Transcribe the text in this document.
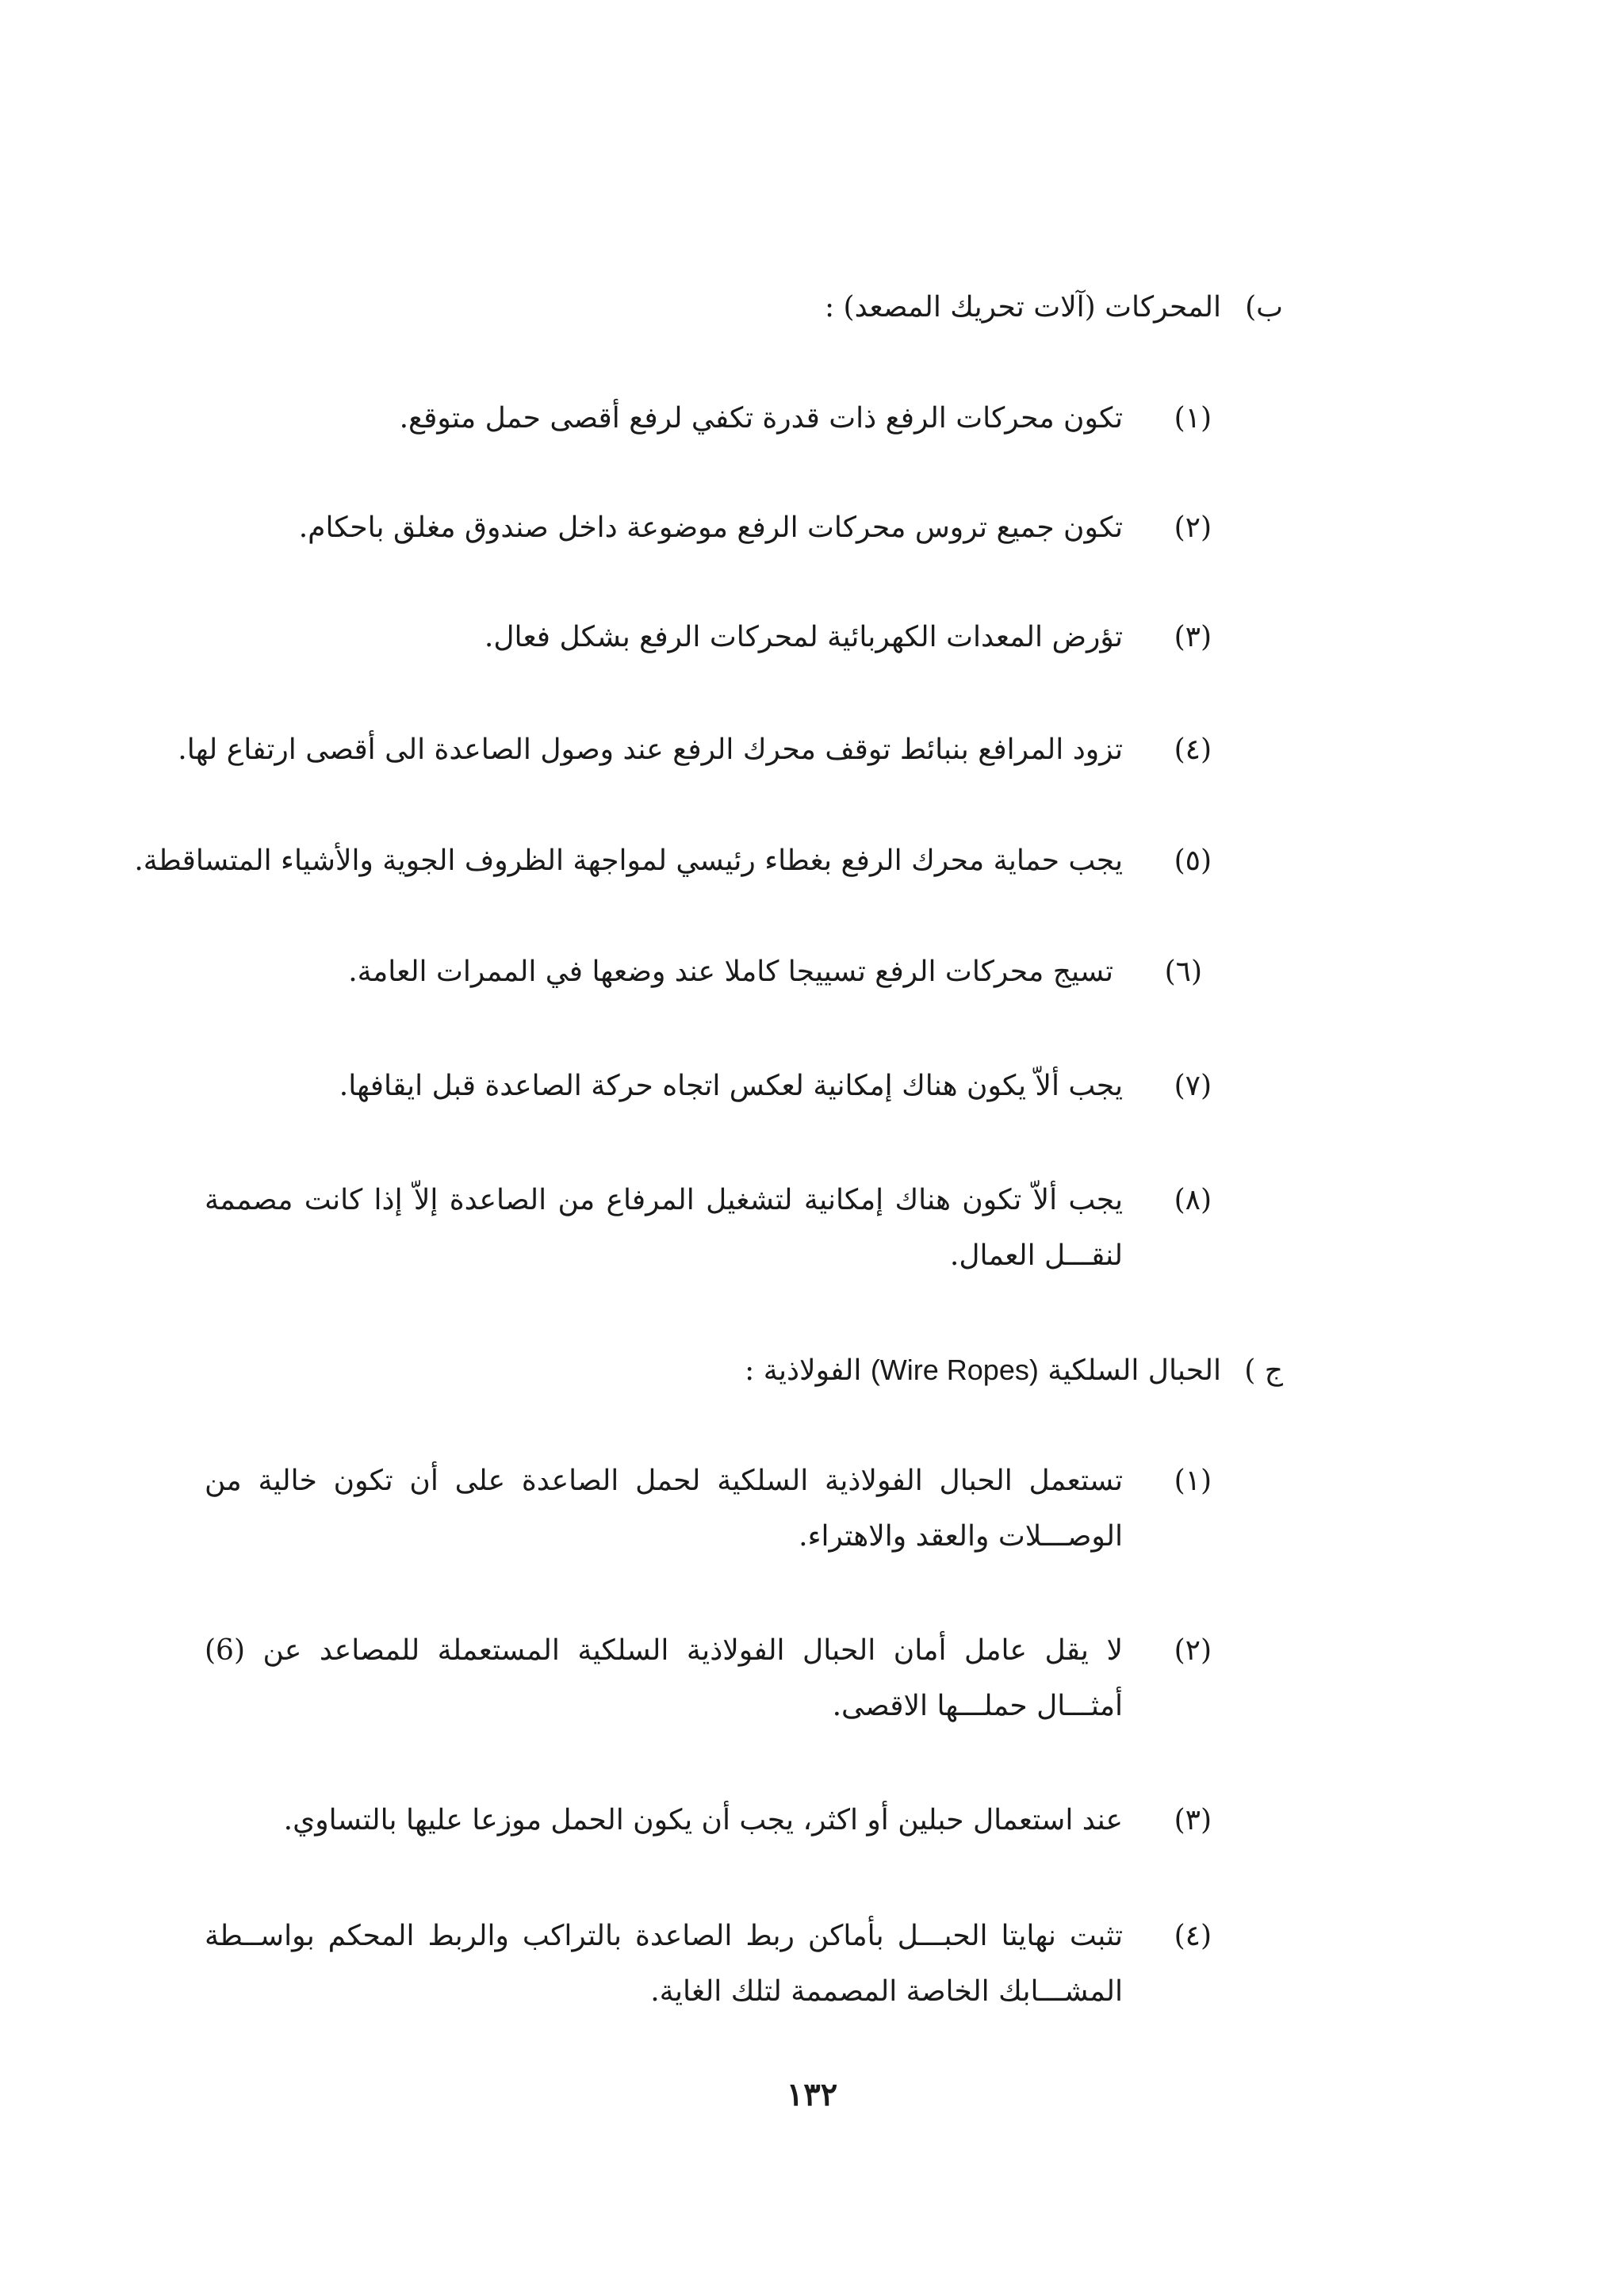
ب)
المحركات (آلات تحريك المصعد) :
(١)
تكون محركات الرفع ذات قدرة تكفي لرفع أقصى حمل متوقع.
(٢)
تكون جميع تروس محركات الرفع موضوعة داخل صندوق مغلق باحكام.
(٣)
تؤرض المعدات الكهربائية لمحركات الرفع بشكل فعال.
(٤)
تزود المرافع بنبائط توقف محرك الرفع عند وصول الصاعدة الى أقصى ارتفاع لها.
(٥)
يجب حماية محرك الرفع بغطاء رئيسي لمواجهة الظروف الجوية والأشياء المتساقطة.
(٦)
تسيج محركات الرفع تسييجا كاملا عند وضعها في الممرات العامة.
(٧)
يجب ألاّ يكون هناك إمكانية لعكس اتجاه حركة الصاعدة قبل ايقافها.
(٨)
يجب ألاّ تكون هناك إمكانية لتشغيل المرفاع من الصاعدة إلاّ إذا كانت مصممة لنقـــل العمال.
ج )
الحبال السلكية (Wire Ropes) الفولاذية :
(١)
تستعمل الحبال الفولاذية السلكية لحمل الصاعدة على أن تكون خالية من الوصـــلات والعقد والاهتراء.
(٢)
لا يقل عامل أمان الحبال الفولاذية السلكية المستعملة للمصاعد عن (6) أمثـــال حملـــها الاقصى.
(٣)
عند استعمال حبلين أو اكثر، يجب أن يكون الحمل موزعا عليها بالتساوي.
(٤)
تثبت نهايتا الحبـــل بأماكن ربط الصاعدة بالتراكب والربط المحكم بواســطة المشـــابك الخاصة المصممة لتلك الغاية.
١٣٢
